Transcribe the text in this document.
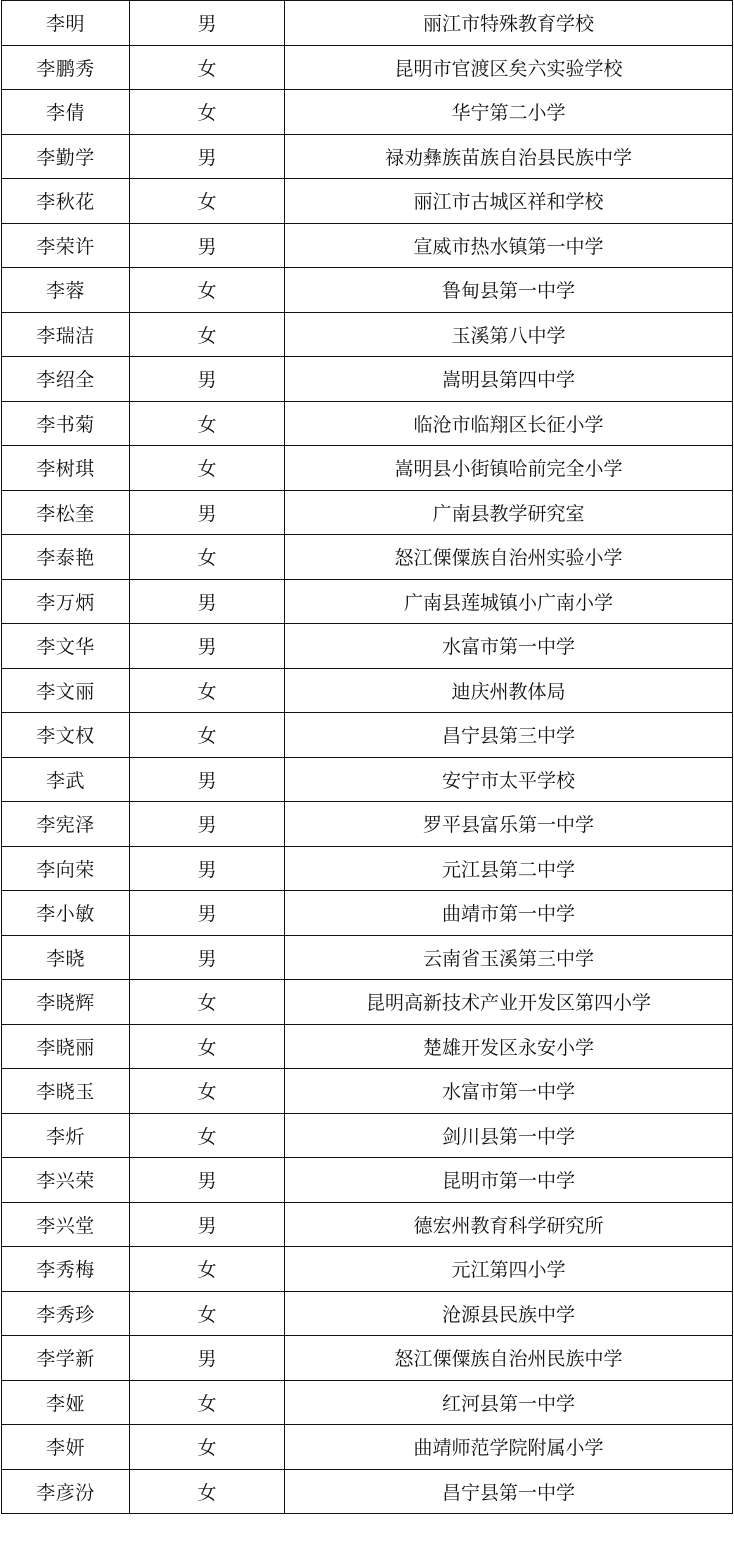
李明	男	丽江市特殊教育学校
李鹏秀	女	昆明市官渡区矣六实验学校
李倩	女	华宁第二小学
李勤学	男	禄劝彝族苗族自治县民族中学
李秋花	女	丽江市古城区祥和学校
李荣许	男	宣威市热水镇第一中学
李蓉	女	鲁甸县第一中学
李瑞洁	女	玉溪第八中学
李绍全	男	嵩明县第四中学
李书菊	女	临沧市临翔区长征小学
李树琪	女	嵩明县小街镇哈前完全小学
李松奎	男	广南县教学研究室
李泰艳	女	怒江傈僳族自治州实验小学
李万炳	男	广南县莲城镇小广南小学
李文华	男	水富市第一中学
李文丽	女	迪庆州教体局
李文权	女	昌宁县第三中学
李武	男	安宁市太平学校
李宪泽	男	罗平县富乐第一中学
李向荣	男	元江县第二中学
李小敏	男	曲靖市第一中学
李晓	男	云南省玉溪第三中学
李晓辉	女	昆明高新技术产业开发区第四小学
李晓丽	女	楚雄开发区永安小学
李晓玉	女	水富市第一中学
李炘	女	剑川县第一中学
李兴荣	男	昆明市第一中学
李兴堂	男	德宏州教育科学研究所
李秀梅	女	元江第四小学
李秀珍	女	沧源县民族中学
李学新	男	怒江傈僳族自治州民族中学
李娅	女	红河县第一中学
李妍	女	曲靖师范学院附属小学
李彦汾	女	昌宁县第一中学
